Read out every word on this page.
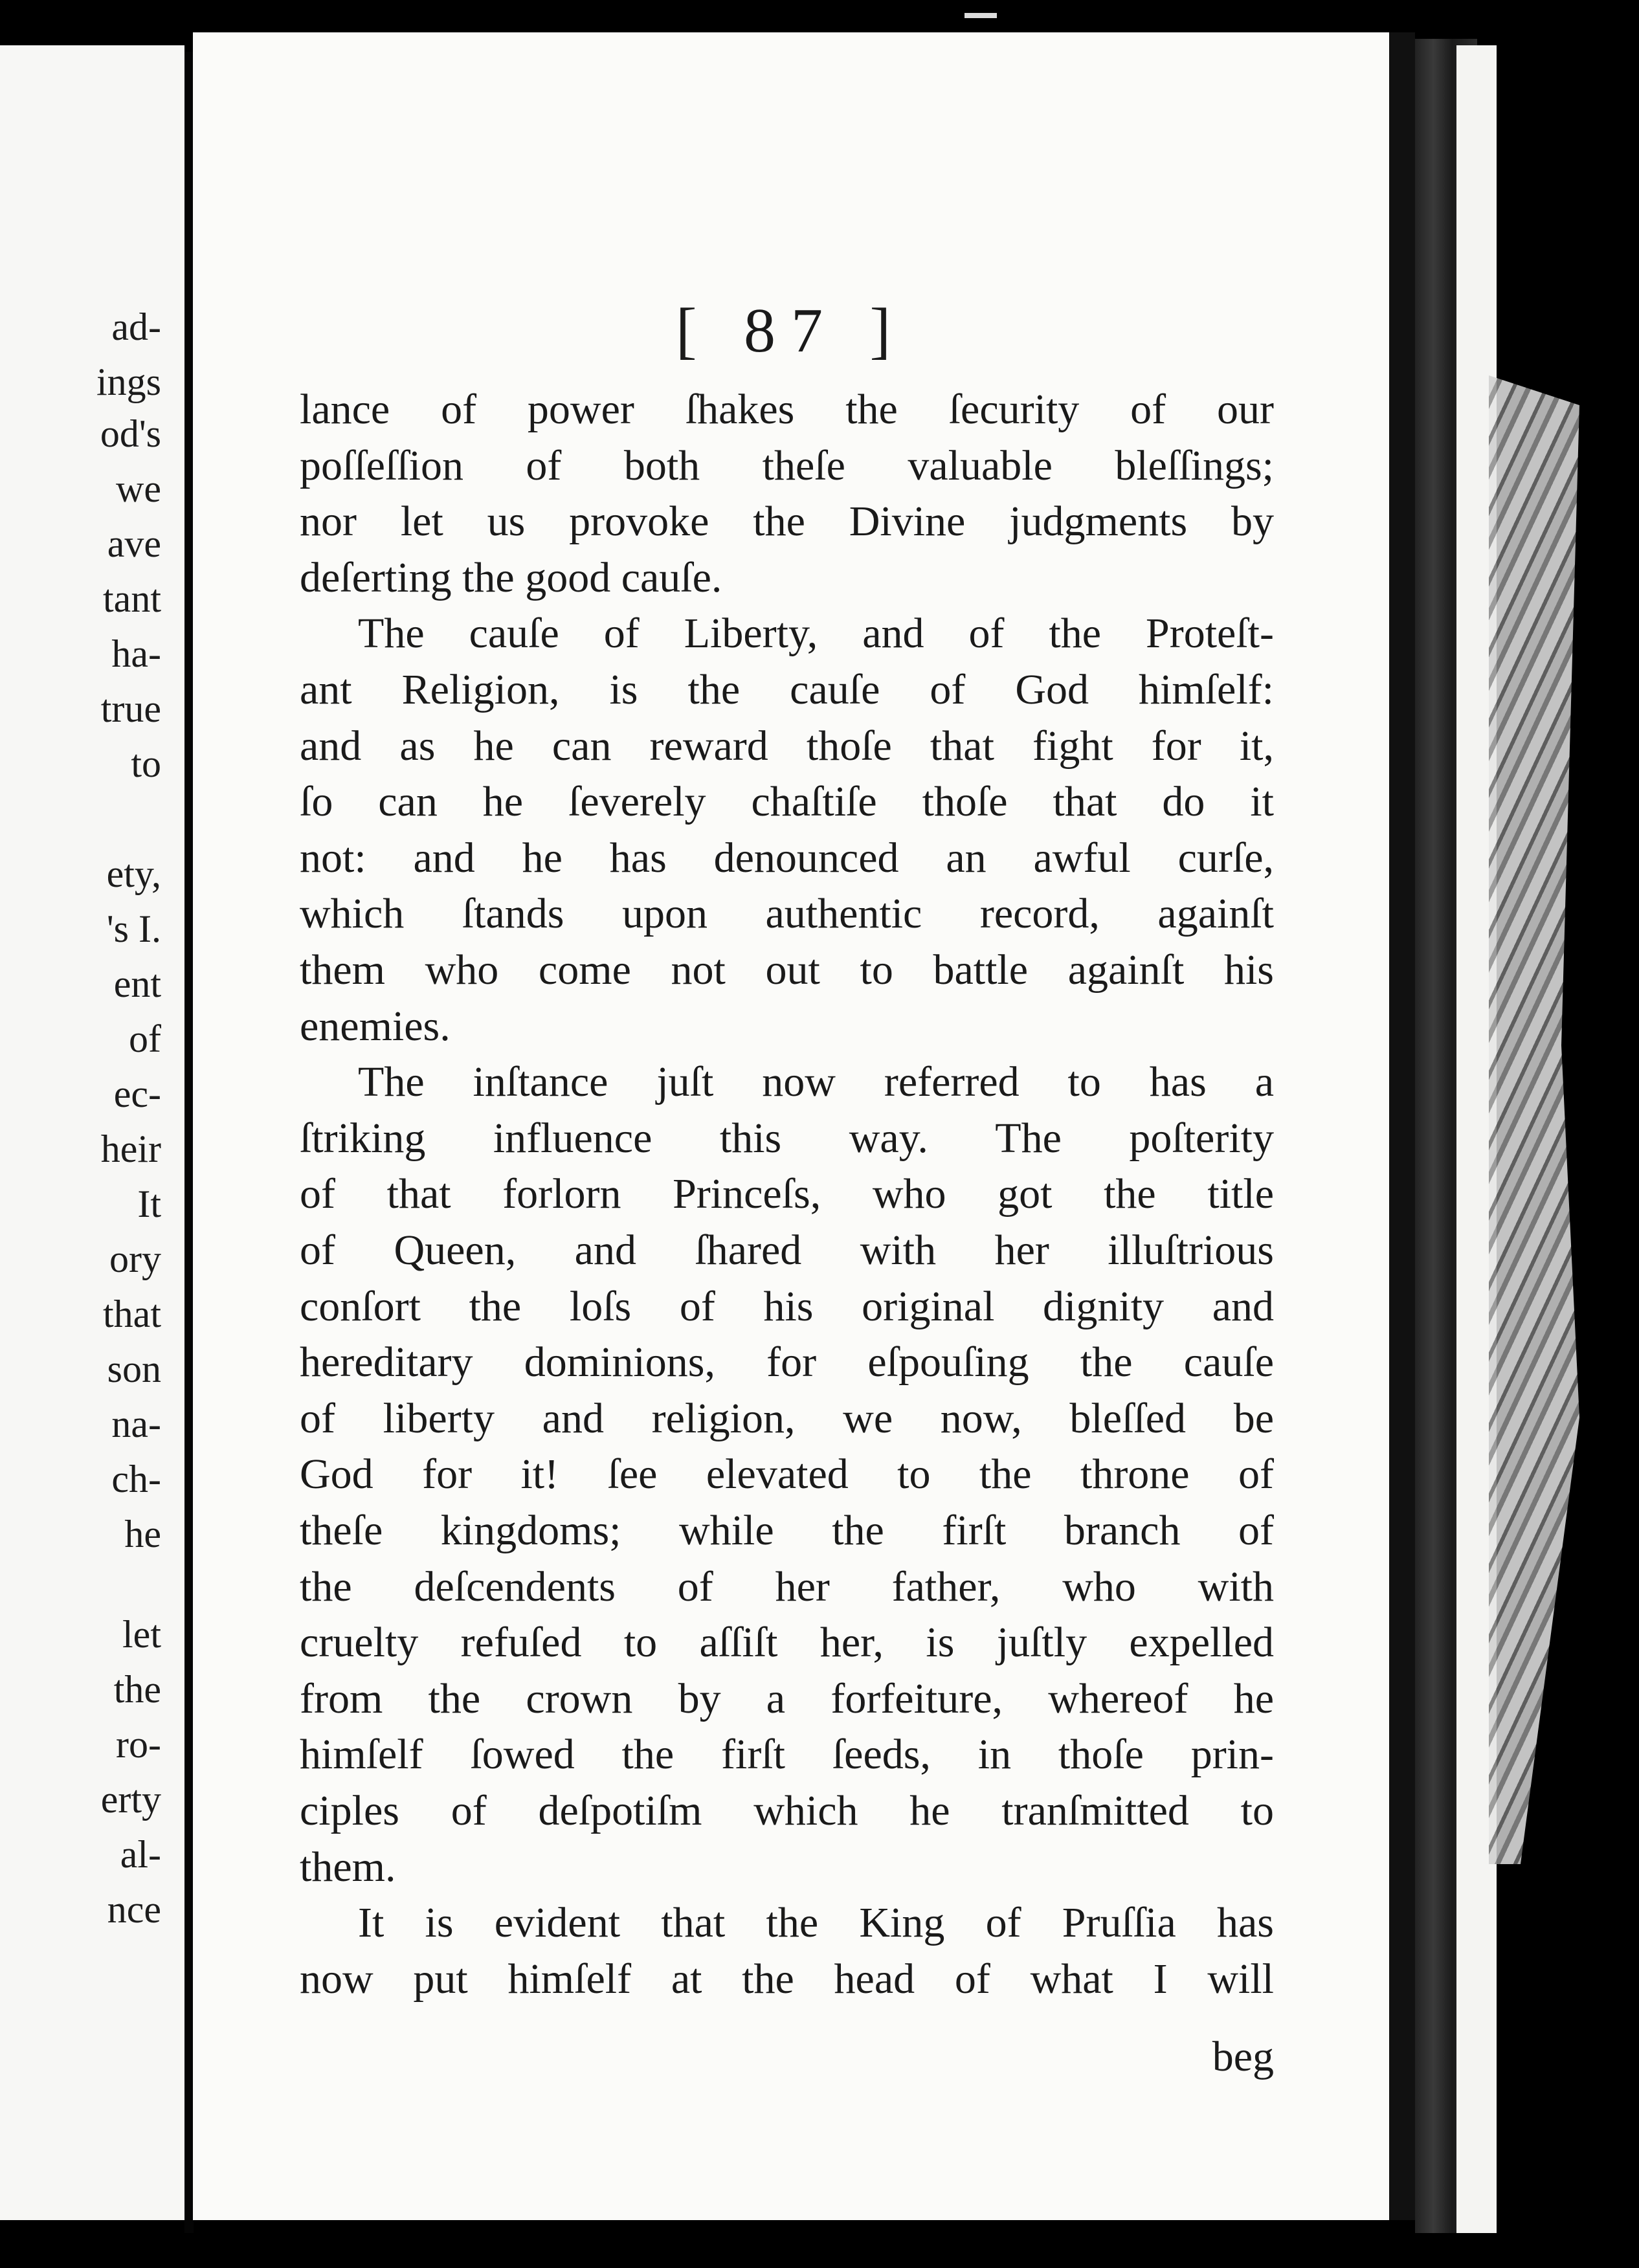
ad-
ings
od's
we
ave
tant
ha-
true
to
ety,
's I.
ent
of
ec-
heir
It
ory
that
son
na-
ch-
he
let
the
ro-
erty
al-
nce
[ 87 ]
beg
lance of power ſhakes the ſecurity of our
poſſeſſion of both theſe valuable bleſſings;
nor let us provoke the Divine judgments by
deſerting the good cauſe.
The cauſe of Liberty, and of the Proteſt-
ant Religion, is the cauſe of God himſelf:
and as he can reward thoſe that fight for it,
ſo can he ſeverely chaſtiſe thoſe that do it
not: and he has denounced an awful curſe,
which ſtands upon authentic record, againſt
them who come not out to battle againſt his
enemies.
The inſtance juſt now referred to has a
ſtriking influence this way. The poſterity
of that forlorn Princeſs, who got the title
of Queen, and ſhared with her illuſtrious
conſort the loſs of his original dignity and
hereditary dominions, for eſpouſing the cauſe
of liberty and religion, we now, bleſſed be
God for it! ſee elevated to the throne of
theſe kingdoms; while the firſt branch of
the deſcendents of her father, who with
cruelty refuſed to aſſiſt her, is juſtly expelled
from the crown by a forfeiture, whereof he
himſelf ſowed the firſt ſeeds, in thoſe prin-
ciples of deſpotiſm which he tranſmitted to
them.
It is evident that the King of Pruſſia has
now put himſelf at the head of what I will
